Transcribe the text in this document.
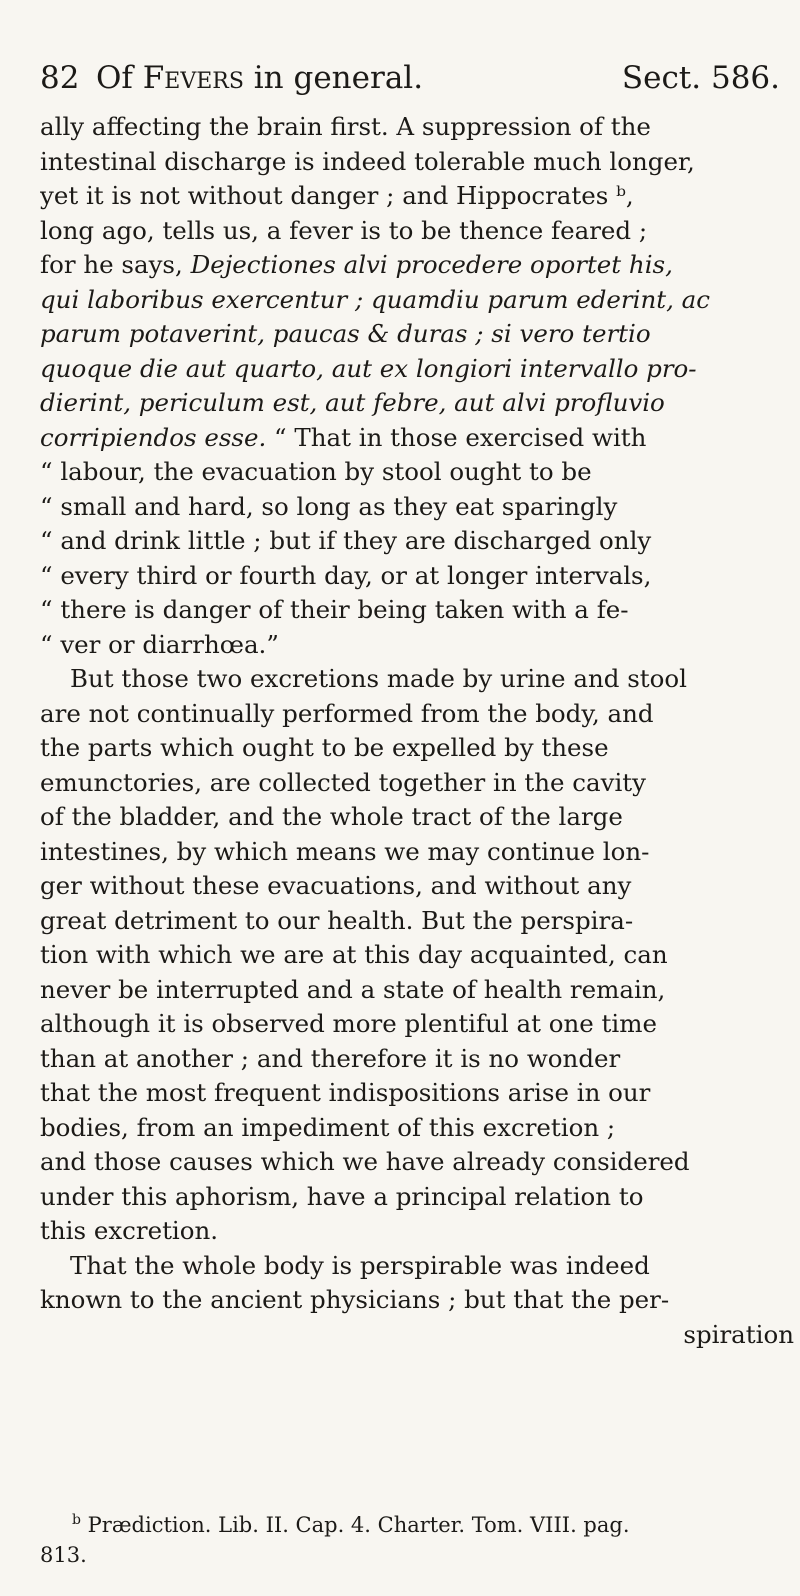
82 Of Fevers in general.	Sect. 586.
ally affecting the brain first. A suppression of the
intestinal discharge is indeed tolerable much longer,
yet it is not without danger ; and Hippocrates ᵇ,
long ago, tells us, a fever is to be thence feared ;
for he says, Dejectiones alvi procedere oportet his,
qui laboribus exercentur ; quamdiu parum ederint, ac
parum potaverint, paucas & duras ; si vero tertio
quoque die aut quarto, aut ex longiori intervallo pro-
dierint, periculum est, aut febre, aut alvi profluvio
corripiendos esse. “ That in those exercised with
“ labour, the evacuation by stool ought to be
“ small and hard, so long as they eat sparingly
“ and drink little ; but if they are discharged only
“ every third or fourth day, or at longer intervals,
“ there is danger of their being taken with a fe-
“ ver or diarrhœa.”
But those two excretions made by urine and stool
are not continually performed from the body, and
the parts which ought to be expelled by these
emunctories, are collected together in the cavity
of the bladder, and the whole tract of the large
intestines, by which means we may continue lon-
ger without these evacuations, and without any
great detriment to our health. But the perspira-
tion with which we are at this day acquainted, can
never be interrupted and a state of health remain,
although it is observed more plentiful at one time
than at another ; and therefore it is no wonder
that the most frequent indispositions arise in our
bodies, from an impediment of this excretion ;
and those causes which we have already considered
under this aphorism, have a principal relation to
this excretion.
That the whole body is perspirable was indeed
known to the ancient physicians ; but that the per-
spiration
$^b$ Prædiction. Lib. II. Cap. 4. Charter. Tom. VIII. pag.
813.
